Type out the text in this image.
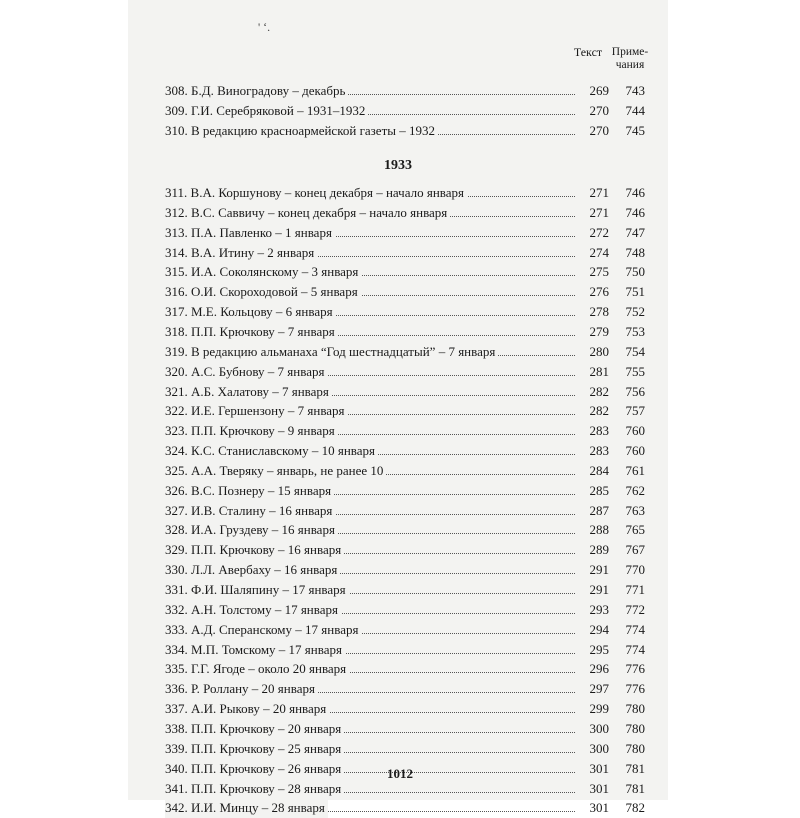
' ‘.
Текст Приме-
чания
308. Б.Д. Виноградову – декабрь	269	743
309. Г.И. Серебряковой – 1931–1932	270	744
310. В редакцию красноармейской газеты – 1932	270	745
311. В.А. Коршунову – конец декабря – начало января	271	746
312. В.С. Саввичу – конец декабря – начало января	271	746
313. П.А. Павленко – 1 января	272	747
314. В.А. Итину – 2 января	274	748
315. И.А. Соколянскому – 3 января	275	750
316. О.И. Скороходовой – 5 января	276	751
317. М.Е. Кольцову – 6 января	278	752
318. П.П. Крючкову – 7 января	279	753
319. В редакцию альманаха “Год шестнадцатый” – 7 января	280	754
320. А.С. Бубнову – 7 января	281	755
321. А.Б. Халатову – 7 января	282	756
322. И.Е. Гершензону – 7 января	282	757
323. П.П. Крючкову – 9 января	283	760
324. К.С. Станиславскому – 10 января	283	760
325. А.А. Тверяку – январь, не ранее 10	284	761
326. В.С. Познеру – 15 января	285	762
327. И.В. Сталину – 16 января	287	763
328. И.А. Груздеву – 16 января	288	765
329. П.П. Крючкову – 16 января	289	767
330. Л.Л. Авербаху – 16 января	291	770
331. Ф.И. Шаляпину – 17 января	291	771
332. А.Н. Толстому – 17 января	293	772
333. А.Д. Сперанскому – 17 января	294	774
334. М.П. Томскому – 17 января	295	774
335. Г.Г. Ягоде – около 20 января	296	776
336. Р. Роллану – 20 января	297	776
337. А.И. Рыкову – 20 января	299	780
338. П.П. Крючкову – 20 января	300	780
339. П.П. Крючкову – 25 января	300	780
340. П.П. Крючкову – 26 января	301	781
341. П.П. Крючкову – 28 января	301	781
342. И.И. Минцу – 28 января	301	782
1933
1012
